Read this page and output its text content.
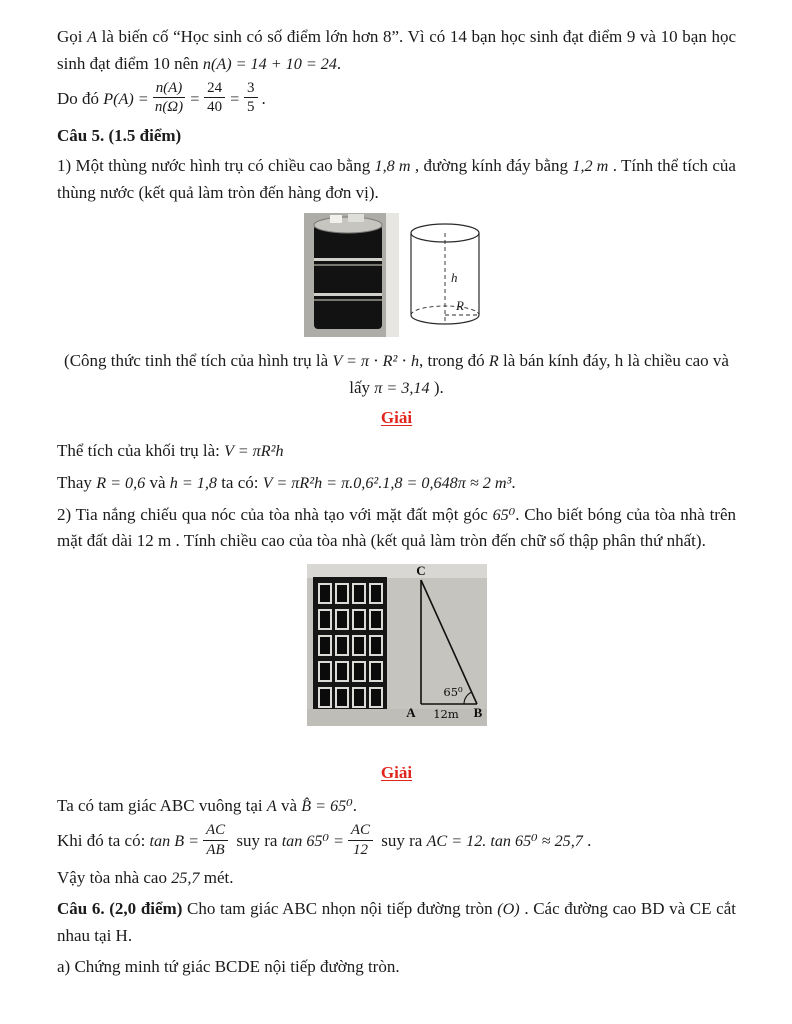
Gọi A là biến cố “Học sinh có số điểm lớn hơn 8”. Vì có 14 bạn học sinh đạt điểm 9 và 10 bạn học sinh đạt điểm 10 nên n(A) = 14 + 10 = 24.

Do đó $P(A) = \frac{n(A)}{n(\Omega)} = \frac{24}{40} = \frac{3}{5}$ .

Câu 5. (1.5 điểm)

1) Một thùng nước hình trụ có chiều cao bằng 1,8 m , đường kính đáy bằng 1,2 m . Tính thể tích của thùng nước (kết quả làm tròn đến hàng đơn vị).

h
R

(Công thức tinh thể tích của hình trụ là V = π ⋅ R² ⋅ h, trong đó R là bán kính đáy, h là chiều cao và lấy π = 3,14 ).

Giải

Thể tích của khối trụ là: V = πR²h

Thay R = 0,6 và h = 1,8 ta có: V = πR²h = π.0,6².1,8 = 0,648π ≈ 2 m³.

2) Tia nắng chiếu qua nóc của tòa nhà tạo với mặt đất một góc 65⁰. Cho biết bóng của tòa nhà trên mặt đất dài 12 m . Tính chiều cao của tòa nhà (kết quả làm tròn đến chữ số thập phân thứ nhất).

C
A	B
65⁰
12m
Giải

Ta có tam giác ABC vuông tại A và B̂ = 65⁰.

Khi đó ta có: $\tan B = \frac{AC}{AB}$ suy ra $\tan 65^0 = \frac{AC}{12}$ suy ra AC = 12. tan 65⁰ ≈ 25,7 .

Vậy tòa nhà cao 25,7 mét.

Câu 6. (2,0 điểm) Cho tam giác ABC nhọn nội tiếp đường tròn (O) . Các đường cao BD và CE cắt nhau tại H.

a) Chứng minh tứ giác BCDE nội tiếp đường tròn.
